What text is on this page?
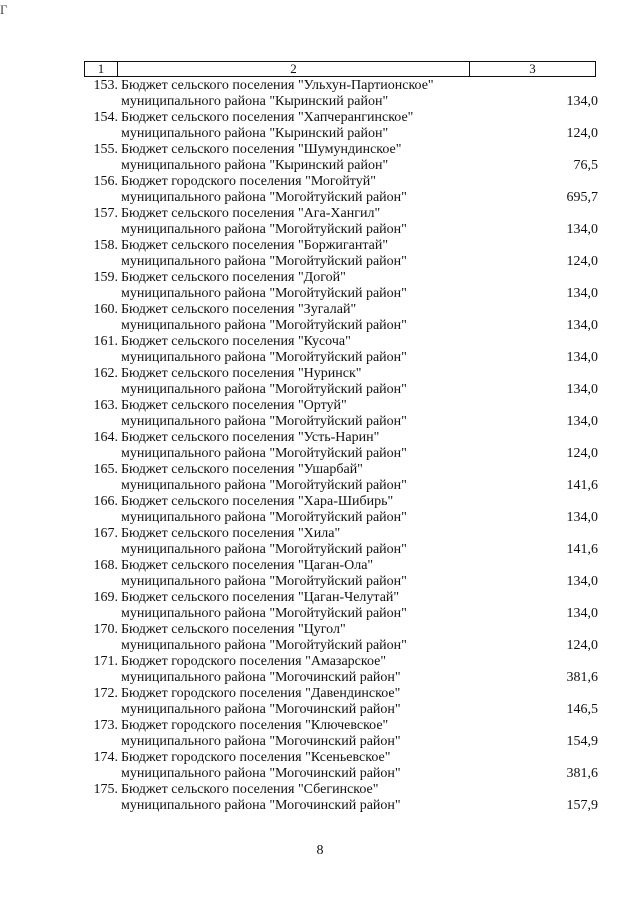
Г
1	2	3
153. Бюджет сельского поселения "Ульхун-Партионское"
муниципального района "Кыринский район"	134,0
154. Бюджет сельского поселения "Хапчерангинское"
муниципального района "Кыринский район"	124,0
155. Бюджет сельского поселения "Шумундинское"
муниципального района "Кыринский район"	76,5
156. Бюджет городского поселения "Могойтуй"
муниципального района "Могойтуйский район"	695,7
157. Бюджет сельского поселения "Ага-Хангил"
муниципального района "Могойтуйский район"	134,0
158. Бюджет сельского поселения "Боржигантай"
муниципального района "Могойтуйский район"	124,0
159. Бюджет сельского поселения "Догой"
муниципального района "Могойтуйский район"	134,0
160. Бюджет сельского поселения "Зугалай"
муниципального района "Могойтуйский район"	134,0
161. Бюджет сельского поселения "Кусоча"
муниципального района "Могойтуйский район"	134,0
162. Бюджет сельского поселения "Нуринск"
муниципального района "Могойтуйский район"	134,0
163. Бюджет сельского поселения "Ортуй"
муниципального района "Могойтуйский район"	134,0
164. Бюджет сельского поселения "Усть-Нарин"
муниципального района "Могойтуйский район"	124,0
165. Бюджет сельского поселения "Ушарбай"
муниципального района "Могойтуйский район"	141,6
166. Бюджет сельского поселения "Хара-Шибирь"
муниципального района "Могойтуйский район"	134,0
167. Бюджет сельского поселения "Хила"
муниципального района "Могойтуйский район"	141,6
168. Бюджет сельского поселения "Цаган-Ола"
муниципального района "Могойтуйский район"	134,0
169. Бюджет сельского поселения "Цаган-Челутай"
муниципального района "Могойтуйский район"	134,0
170. Бюджет сельского поселения "Цугол"
муниципального района "Могойтуйский район"	124,0
171. Бюджет городского поселения "Амазарское"
муниципального района "Могочинский район"	381,6
172. Бюджет городского поселения "Давендинское"
муниципального района "Могочинский район"	146,5
173. Бюджет городского поселения "Ключевское"
муниципального района "Могочинский район"	154,9
174. Бюджет городского поселения "Ксеньевское"
муниципального района "Могочинский район"	381,6
175. Бюджет сельского поселения "Сбегинское"
муниципального района "Могочинский район"	157,9
8
